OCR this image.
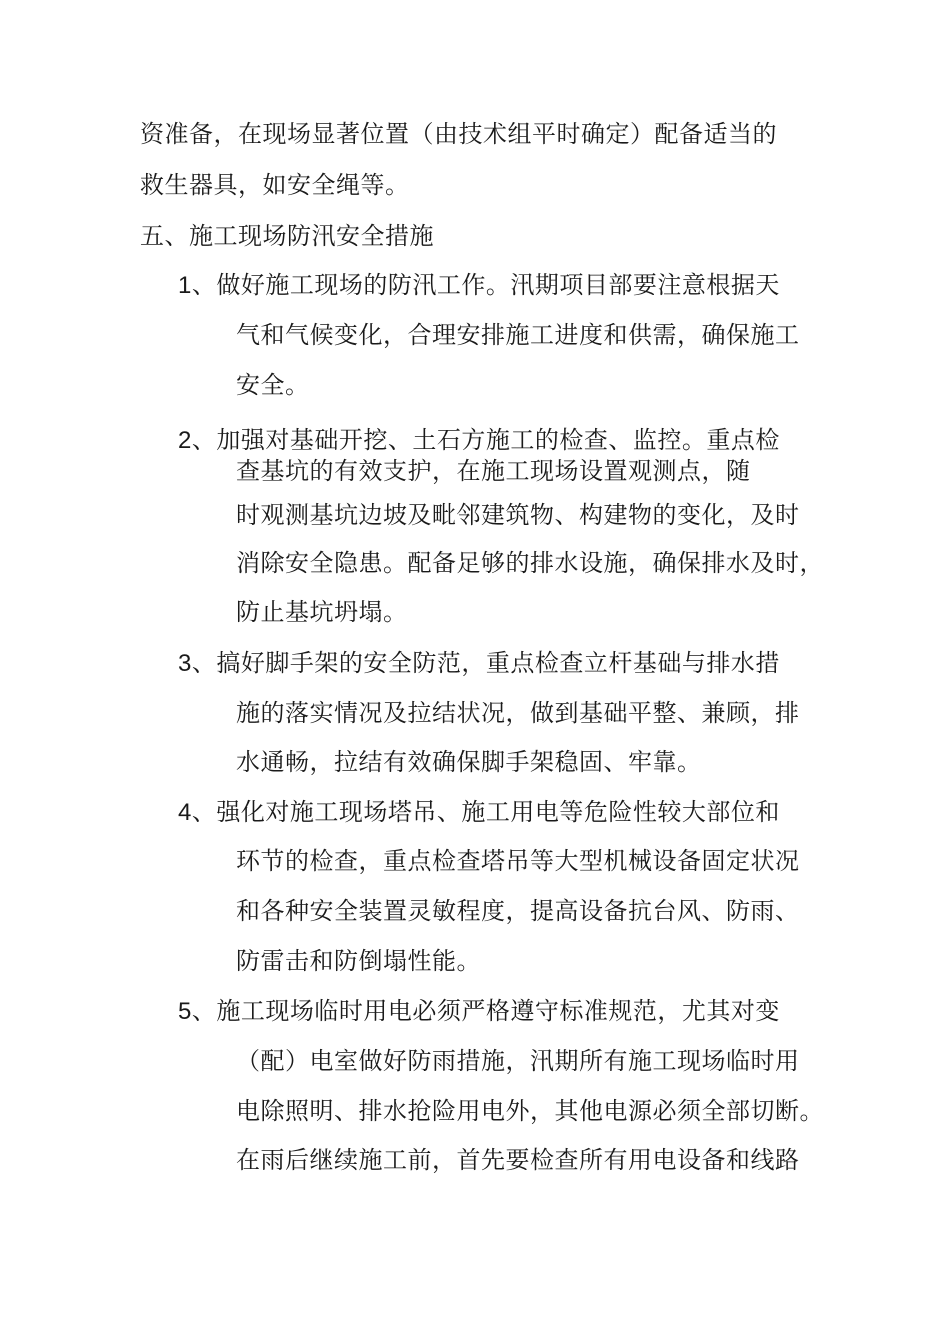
资准备，在现场显著位置（由技术组平时确定）配备适当的
救生器具，如安全绳等。
五、施工现场防汛安全措施
1、做好施工现场的防汛工作。汛期项目部要注意根据天
气和气候变化，合理安排施工进度和供需，确保施工
安全。
2、加强对基础开挖、土石方施工的检查、监控。重点检
查基坑的有效支护，在施工现场设置观测点，随
时观测基坑边坡及毗邻建筑物、构建物的变化，及时
消除安全隐患。配备足够的排水设施，确保排水及时，
防止基坑坍塌。
3、搞好脚手架的安全防范，重点检查立杆基础与排水措
施的落实情况及拉结状况，做到基础平整、兼顾，排
水通畅，拉结有效确保脚手架稳固、牢靠。
4、强化对施工现场塔吊、施工用电等危险性较大部位和
环节的检查，重点检查塔吊等大型机械设备固定状况
和各种安全装置灵敏程度，提高设备抗台风、防雨、
防雷击和防倒塌性能。
5、施工现场临时用电必须严格遵守标准规范，尤其对变
（配）电室做好防雨措施，汛期所有施工现场临时用
电除照明、排水抢险用电外，其他电源必须全部切断。
在雨后继续施工前，首先要检查所有用电设备和线路
